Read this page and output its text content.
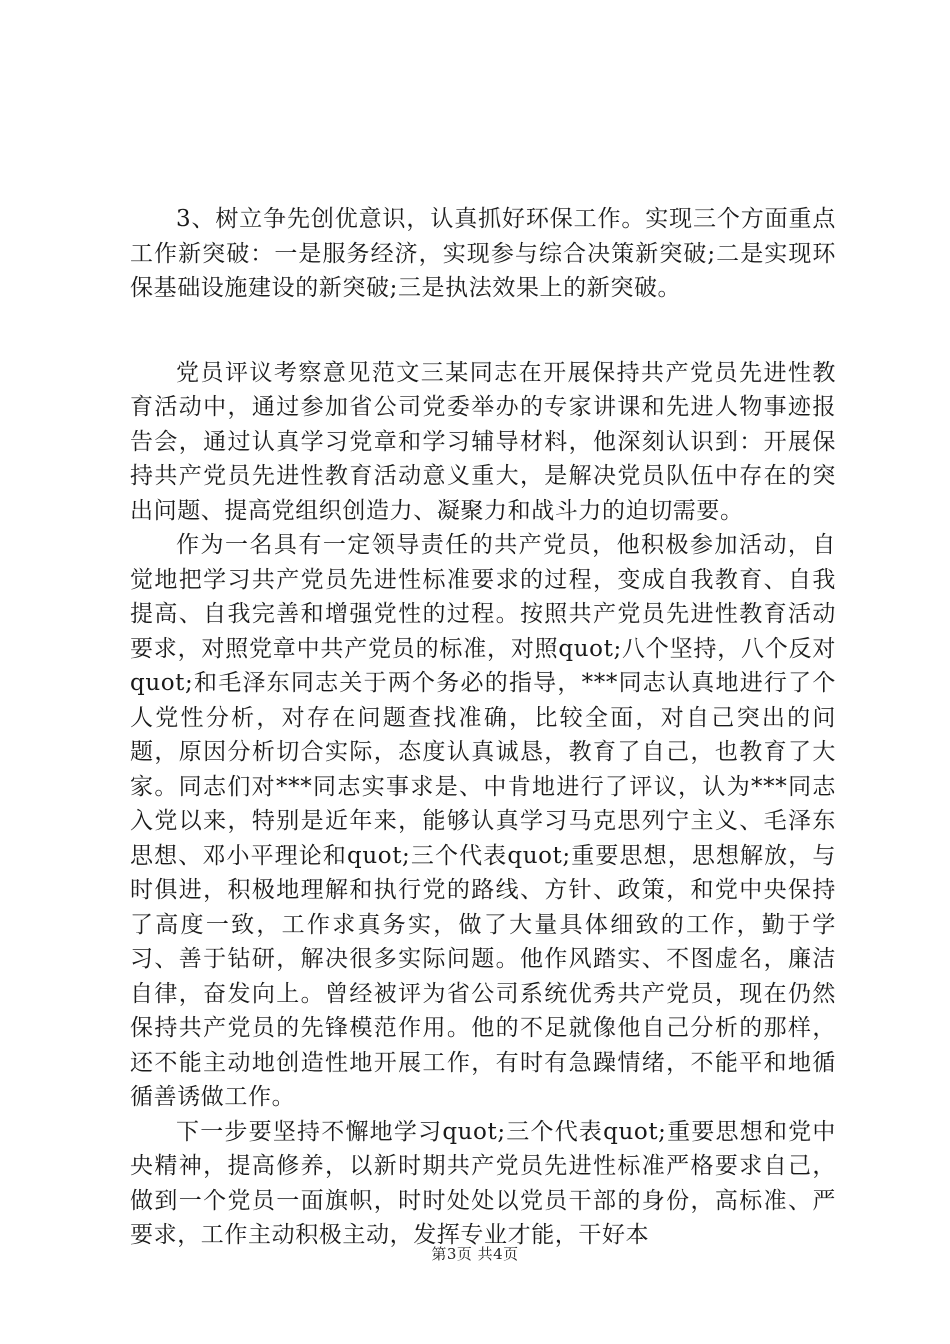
3、树立争先创优意识，认真抓好环保工作。实现三个方面重点工作新突破：一是服务经济，实现参与综合决策新突破;二是实现环保基础设施建设的新突破;三是执法效果上的新突破。

党员评议考察意见范文三某同志在开展保持共产党员先进性教育活动中，通过参加省公司党委举办的专家讲课和先进人物事迹报告会，通过认真学习党章和学习辅导材料，他深刻认识到：开展保持共产党员先进性教育活动意义重大，是解决党员队伍中存在的突出问题、提高党组织创造力、凝聚力和战斗力的迫切需要。

作为一名具有一定领导责任的共产党员，他积极参加活动，自觉地把学习共产党员先进性标准要求的过程，变成自我教育、自我提高、自我完善和增强党性的过程。按照共产党员先进性教育活动要求，对照党章中共产党员的标准，对照quot;八个坚持，八个反对quot;和毛泽东同志关于两个务必的指导，***同志认真地进行了个人党性分析，对存在问题查找准确，比较全面，对自己突出的问题，原因分析切合实际，态度认真诚恳，教育了自己，也教育了大家。同志们对***同志实事求是、中肯地进行了评议，认为***同志入党以来，特别是近年来，能够认真学习马克思列宁主义、毛泽东思想、邓小平理论和quot;三个代表quot;重要思想，思想解放，与时俱进，积极地理解和执行党的路线、方针、政策，和党中央保持了高度一致，工作求真务实，做了大量具体细致的工作，勤于学习、善于钻研，解决很多实际问题。他作风踏实、不图虚名，廉洁自律，奋发向上。曾经被评为省公司系统优秀共产党员，现在仍然保持共产党员的先锋模范作用。他的不足就像他自己分析的那样，还不能主动地创造性地开展工作，有时有急躁情绪，不能平和地循循善诱做工作。

下一步要坚持不懈地学习quot;三个代表quot;重要思想和党中央精神，提高修养，以新时期共产党员先进性标准严格要求自己，做到一个党员一面旗帜，时时处处以党员干部的身份，高标准、严要求，工作主动积极主动，发挥专业才能，干好本

第3页 共4页
